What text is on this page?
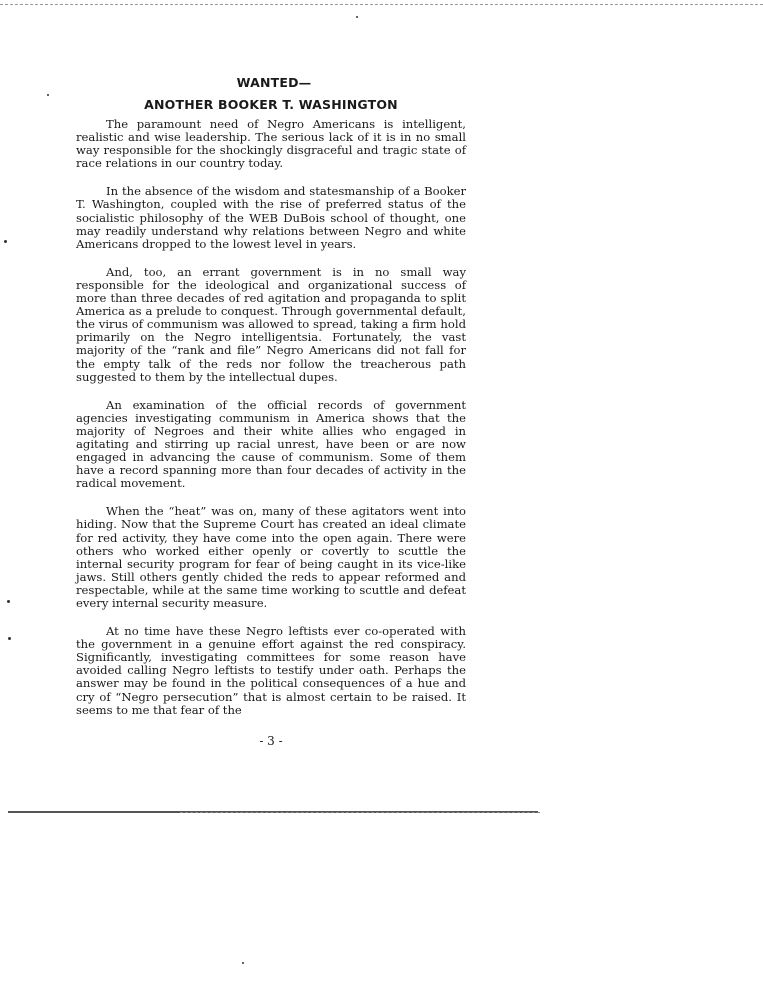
WANTED—
ANOTHER BOOKER T. WASHINGTON

The paramount need of Negro Americans is intelligent, realistic and wise leadership. The serious lack of it is in no small way responsible for the shockingly disgraceful and tragic state of race relations in our country today.

In the absence of the wisdom and statesmanship of a Booker T. Washington, coupled with the rise of preferred status of the socialistic philosophy of the WEB DuBois school of thought, one may readily understand why relations between Negro and white Americans dropped to the lowest level in years.

And, too, an errant government is in no small way responsible for the ideological and organizational success of more than three decades of red agitation and propaganda to split America as a prelude to conquest. Through governmental default, the virus of communism was allowed to spread, taking a firm hold primarily on the Negro intelligentsia. Fortunately, the vast majority of the “rank and file” Negro Americans did not fall for the empty talk of the reds nor follow the treacherous path suggested to them by the intellectual dupes.

An examination of the official records of government agencies investigating communism in America shows that the majority of Negroes and their white allies who engaged in agitating and stirring up racial unrest, have been or are now engaged in advancing the cause of communism. Some of them have a record spanning more than four decades of activity in the radical movement.

When the “heat” was on, many of these agitators went into hiding. Now that the Supreme Court has created an ideal climate for red activity, they have come into the open again. There were others who worked either openly or covertly to scuttle the internal security program for fear of being caught in its vice-like jaws. Still others gently chided the reds to appear reformed and respectable, while at the same time working to scuttle and defeat every internal security measure.

At no time have these Negro leftists ever co-operated with the government in a genuine effort against the red conspiracy. Significantly, investigating committees for some reason have avoided calling Negro leftists to testify under oath. Perhaps the answer may be found in the political consequences of a hue and cry of “Negro persecution” that is almost certain to be raised. It seems to me that fear of the

- 3 -
